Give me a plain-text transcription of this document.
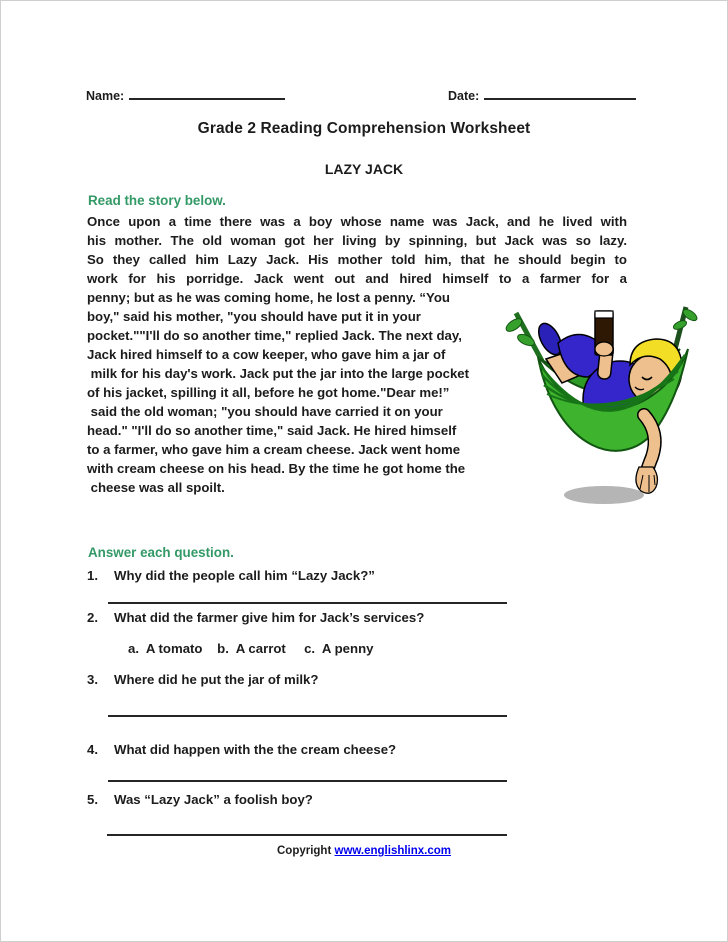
Name:	Date:
Grade 2 Reading Comprehension Worksheet
LAZY JACK
Read the story below.
Once upon a time there was a boy whose name was Jack, and he lived with
his mother. The old woman got her living by spinning, but Jack was so lazy.
So they called him Lazy Jack. His mother told him, that he should begin to
work for his porridge. Jack went out and hired himself to a farmer for a
penny; but as he was coming home, he lost a penny. “You
boy," said his mother, "you should have put it in your
pocket.""I'll do so another time," replied Jack. The next day,
Jack hired himself to a cow keeper, who gave him a jar of
milk for his day's work. Jack put the jar into the large pocket
of his jacket, spilling it all, before he got home."Dear me!”
said the old woman; "you should have carried it on your
head." "I'll do so another time," said Jack. He hired himself
to a farmer, who gave him a cream cheese. Jack went home
with cream cheese on his head. By the time he got home the
cheese was all spoilt.
Answer each question.
1.	Why did the people call him “Lazy Jack?”
2.	What did the farmer give him for Jack’s services?
a.  A tomato    b.  A carrot     c.  A penny
3.	Where did he put the jar of milk?
4.	What did happen with the the cream cheese?
5.	Was “Lazy Jack” a foolish boy?
Copyright www.englishlinx.com
